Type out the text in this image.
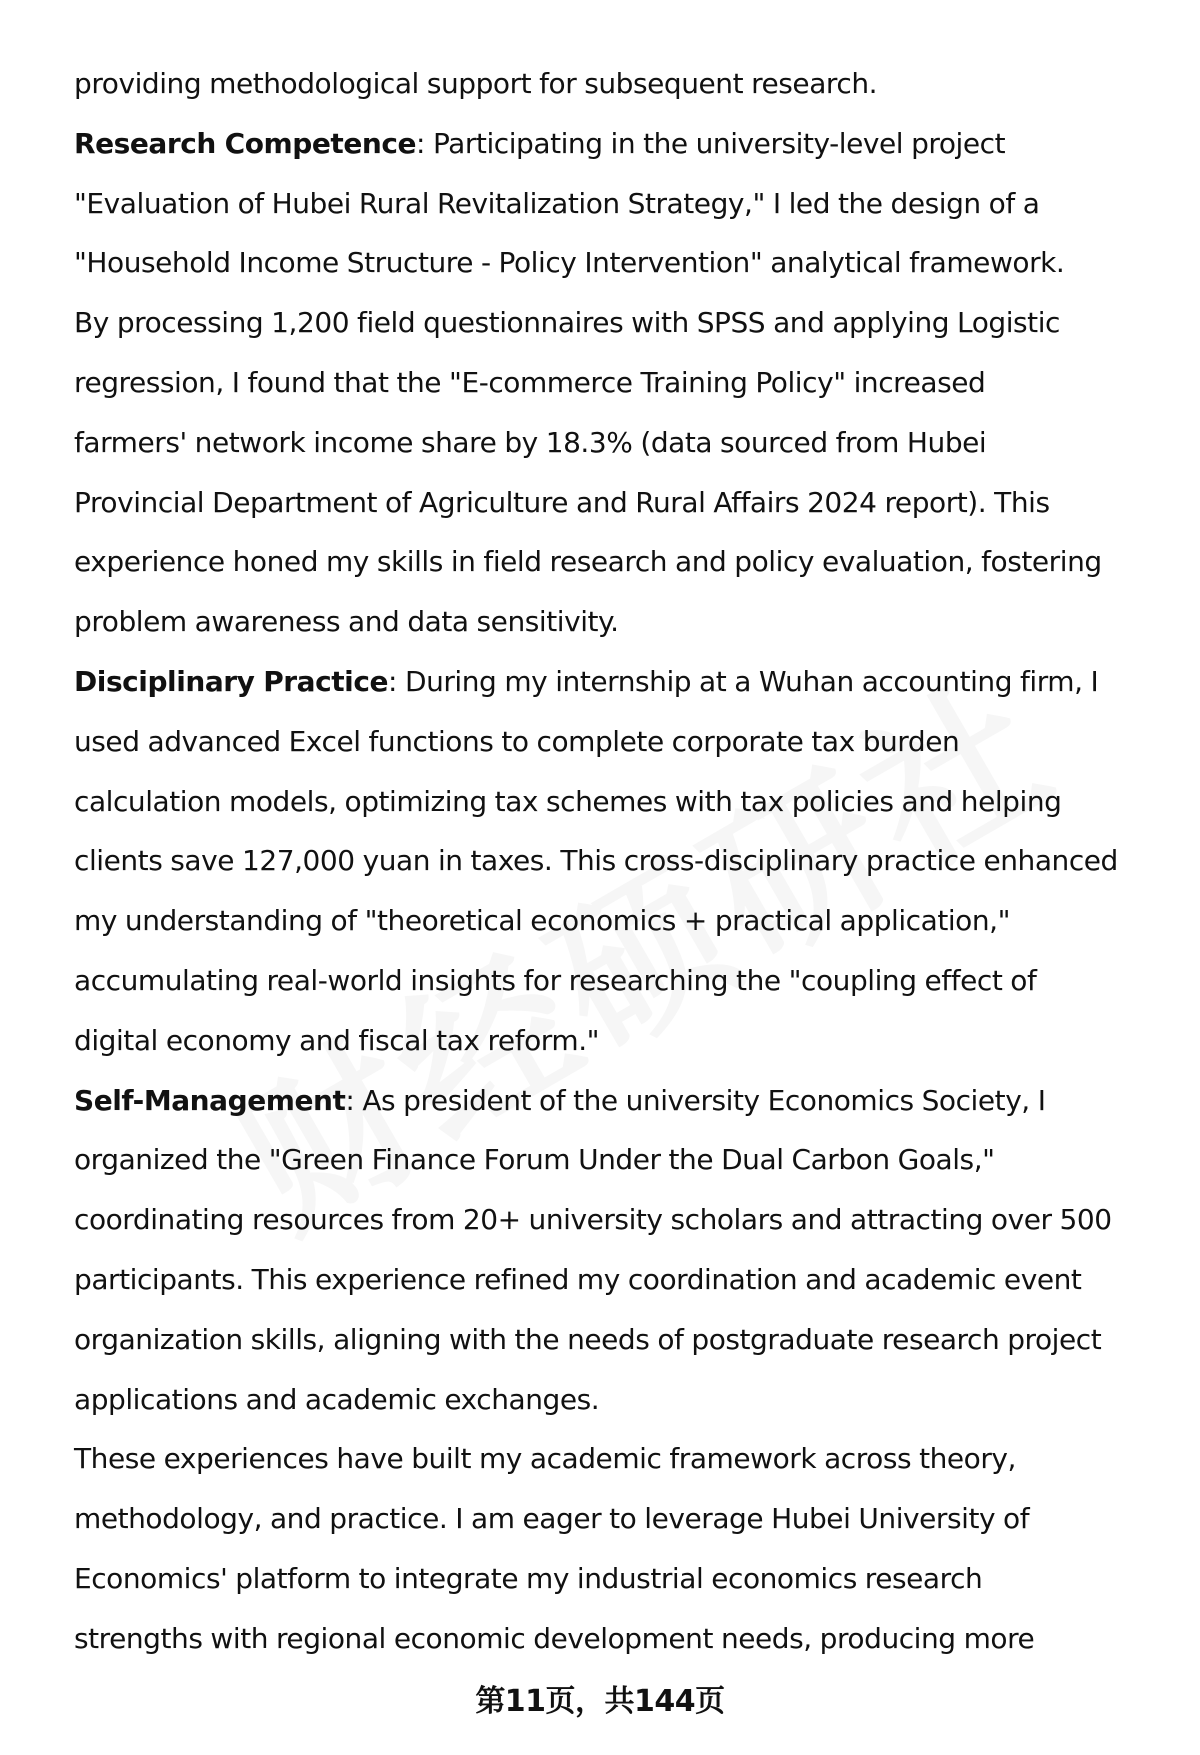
providing methodological support for subsequent research.
Research Competence: Participating in the university-level project
"Evaluation of Hubei Rural Revitalization Strategy," I led the design of a
"Household Income Structure - Policy Intervention" analytical framework.
By processing 1,200 field questionnaires with SPSS and applying Logistic
regression, I found that the "E-commerce Training Policy" increased
farmers' network income share by 18.3% (data sourced from Hubei
Provincial Department of Agriculture and Rural Affairs 2024 report). This
experience honed my skills in field research and policy evaluation, fostering
problem awareness and data sensitivity.
Disciplinary Practice: During my internship at a Wuhan accounting firm, I
used advanced Excel functions to complete corporate tax burden
calculation models, optimizing tax schemes with tax policies and helping
clients save 127,000 yuan in taxes. This cross-disciplinary practice enhanced
my understanding of "theoretical economics + practical application,"
accumulating real-world insights for researching the "coupling effect of
digital economy and fiscal tax reform."
Self-Management: As president of the university Economics Society, I
organized the "Green Finance Forum Under the Dual Carbon Goals,"
coordinating resources from 20+ university scholars and attracting over 500
participants. This experience refined my coordination and academic event
organization skills, aligning with the needs of postgraduate research project
applications and academic exchanges.
These experiences have built my academic framework across theory,
methodology, and practice. I am eager to leverage Hubei University of
Economics' platform to integrate my industrial economics research
strengths with regional economic development needs, producing more
第11页，共144页
